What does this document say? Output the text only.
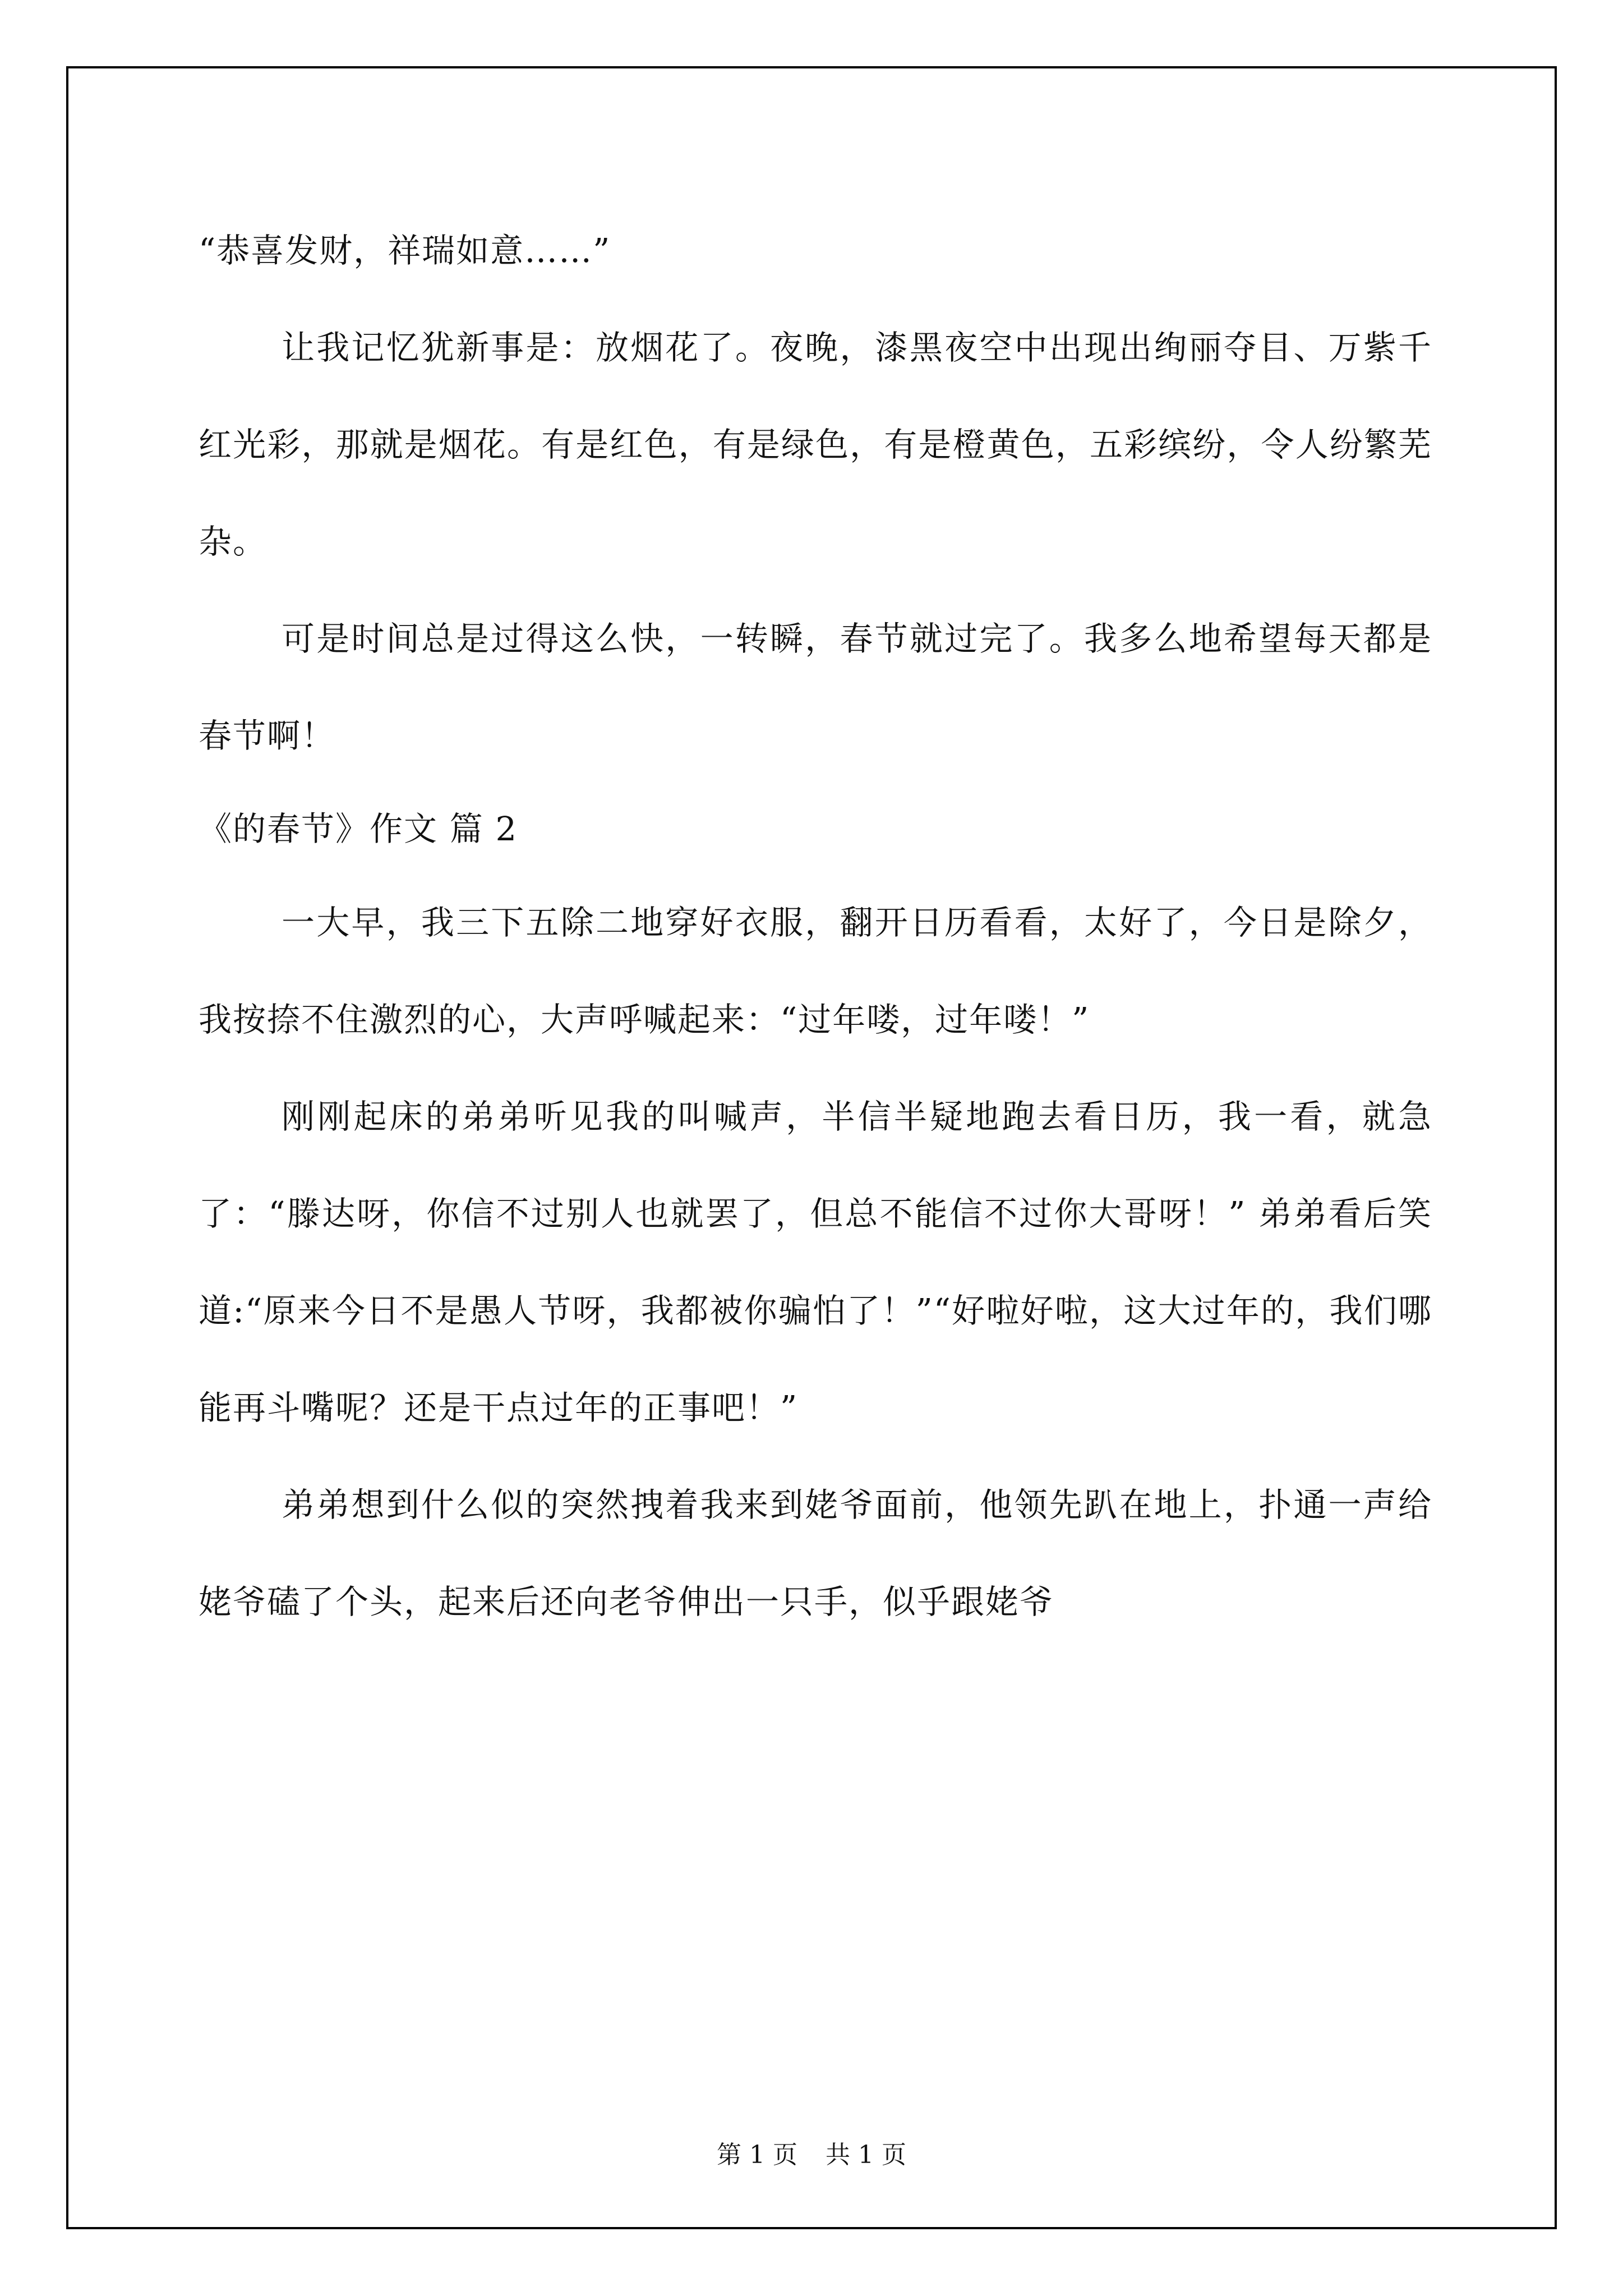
“恭喜发财，祥瑞如意……”

让我记忆犹新事是：放烟花了。夜晚，漆黑夜空中出现出绚丽夺目、万紫千红光彩，那就是烟花。有是红色，有是绿色，有是橙黄色，五彩缤纷，令人纷繁芜杂。

可是时间总是过得这么快，一转瞬，春节就过完了。我多么地希望每天都是春节啊！

《的春节》作文 篇 2

一大早，我三下五除二地穿好衣服，翻开日历看看，太好了，今日是除夕，我按捺不住激烈的心，大声呼喊起来：“过年喽，过年喽！”

刚刚起床的弟弟听见我的叫喊声，半信半疑地跑去看日历，我一看，就急了：“滕达呀，你信不过别人也就罢了，但总不能信不过你大哥呀！” 弟弟看后笑道:“原来今日不是愚人节呀，我都被你骗怕了！”“好啦好啦，这大过年的，我们哪能再斗嘴呢？还是干点过年的正事吧！”

弟弟想到什么似的突然拽着我来到姥爷面前，他领先趴在地上，扑通一声给姥爷磕了个头，起来后还向老爷伸出一只手，似乎跟姥爷

第 1 页 共 1 页
